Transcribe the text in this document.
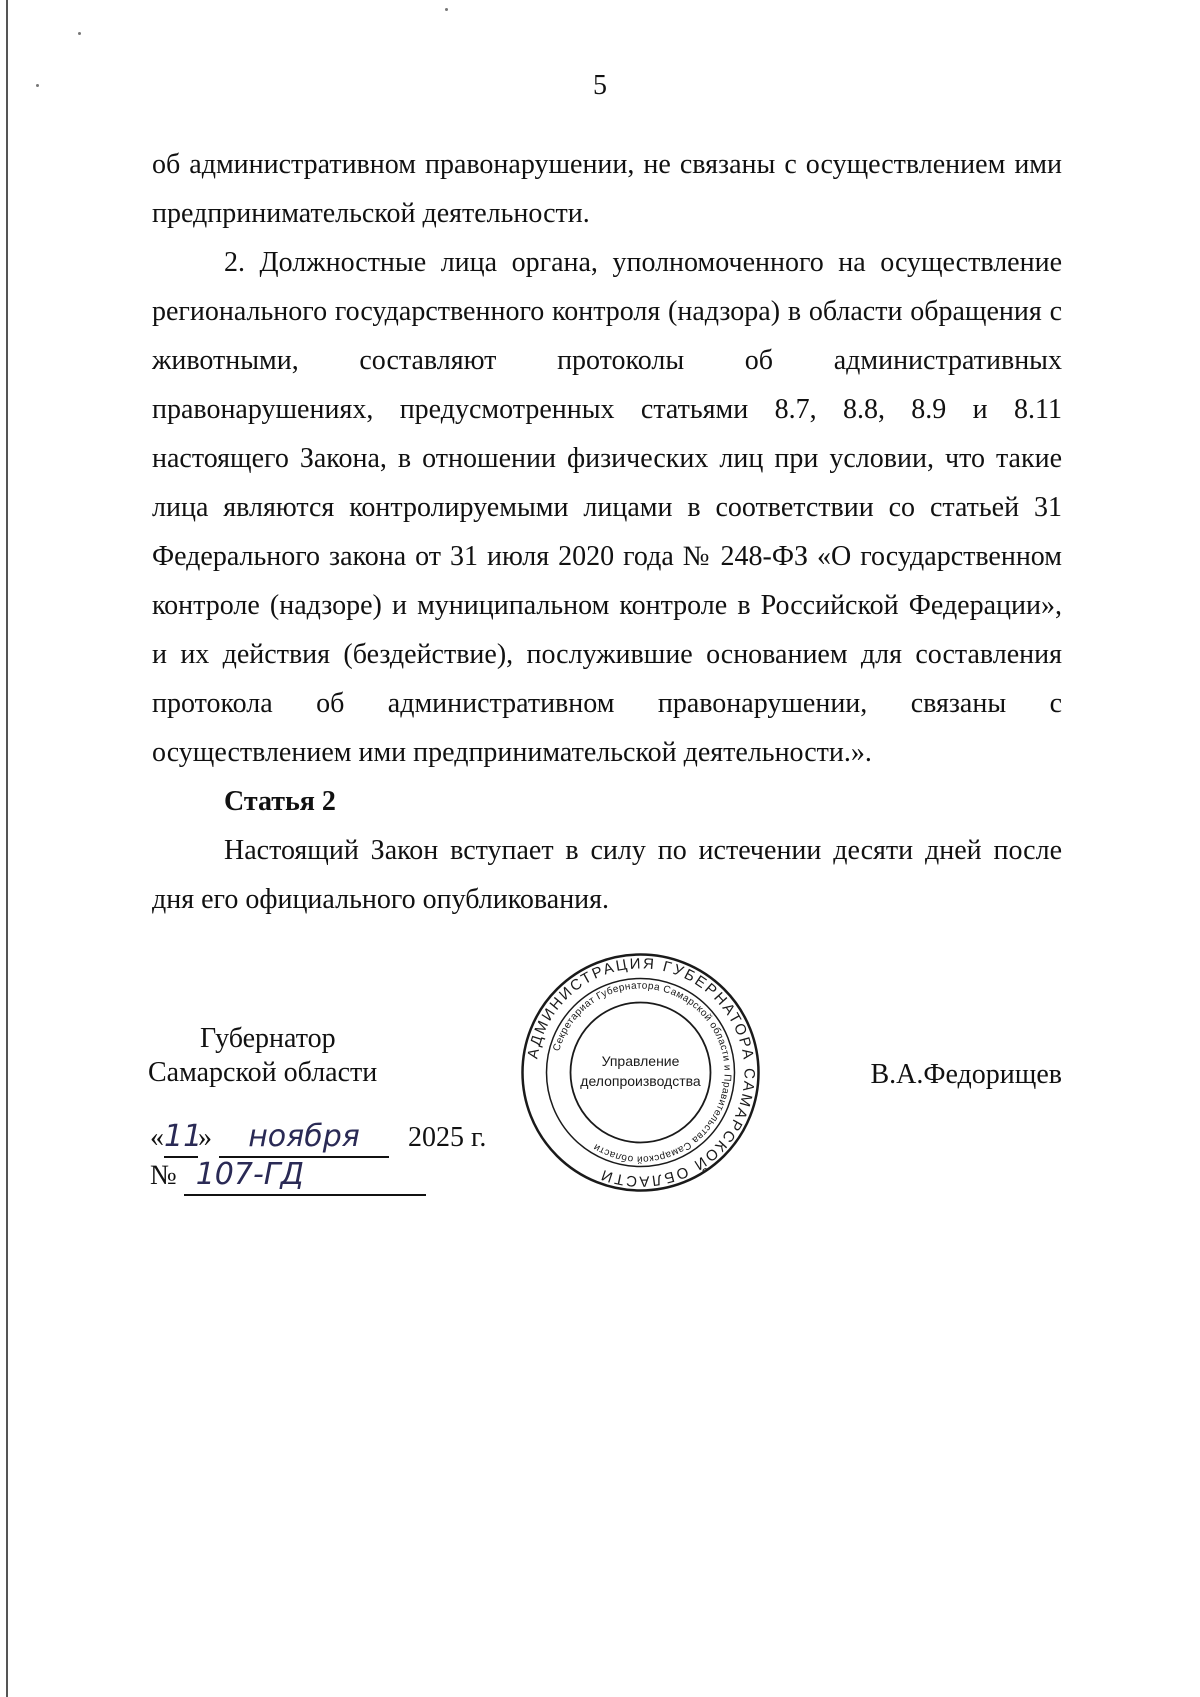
5

об административном правонарушении, не связаны с осуществлением ими предпринимательской деятельности.

2. Должностные лица органа, уполномоченного на осуществление регионального государственного контроля (надзора) в области обращения с животными, составляют протоколы об административных правонарушениях, предусмотренных статьями 8.7, 8.8, 8.9 и 8.11 настоящего Закона, в отношении физических лиц при условии, что такие лица являются контролируемыми лицами в соответствии со статьей 31 Федерального закона от 31 июля 2020 года № 248-ФЗ «О государственном контроле (надзоре) и муниципальном контроле в Российской Федерации», и их действия (бездействие), послужившие основанием для составления протокола об административном правонарушении, связаны с осуществлением ими предпринимательской деятельности.».

Статья 2

Настоящий Закон вступает в силу по истечении десяти дней после дня его официального опубликования.

Губернатор
Самарской области
АДМИНИСТРАЦИЯ ГУБЕРНАТОРА САМАРСКОЙ ОБЛАСТИ
Секретариат Губернатора Самарской области и Правительства Самарской области
Управление
делопроизводства	В.А.Федорищев
«11» ноября 2025 г.
№ 107-ГД
